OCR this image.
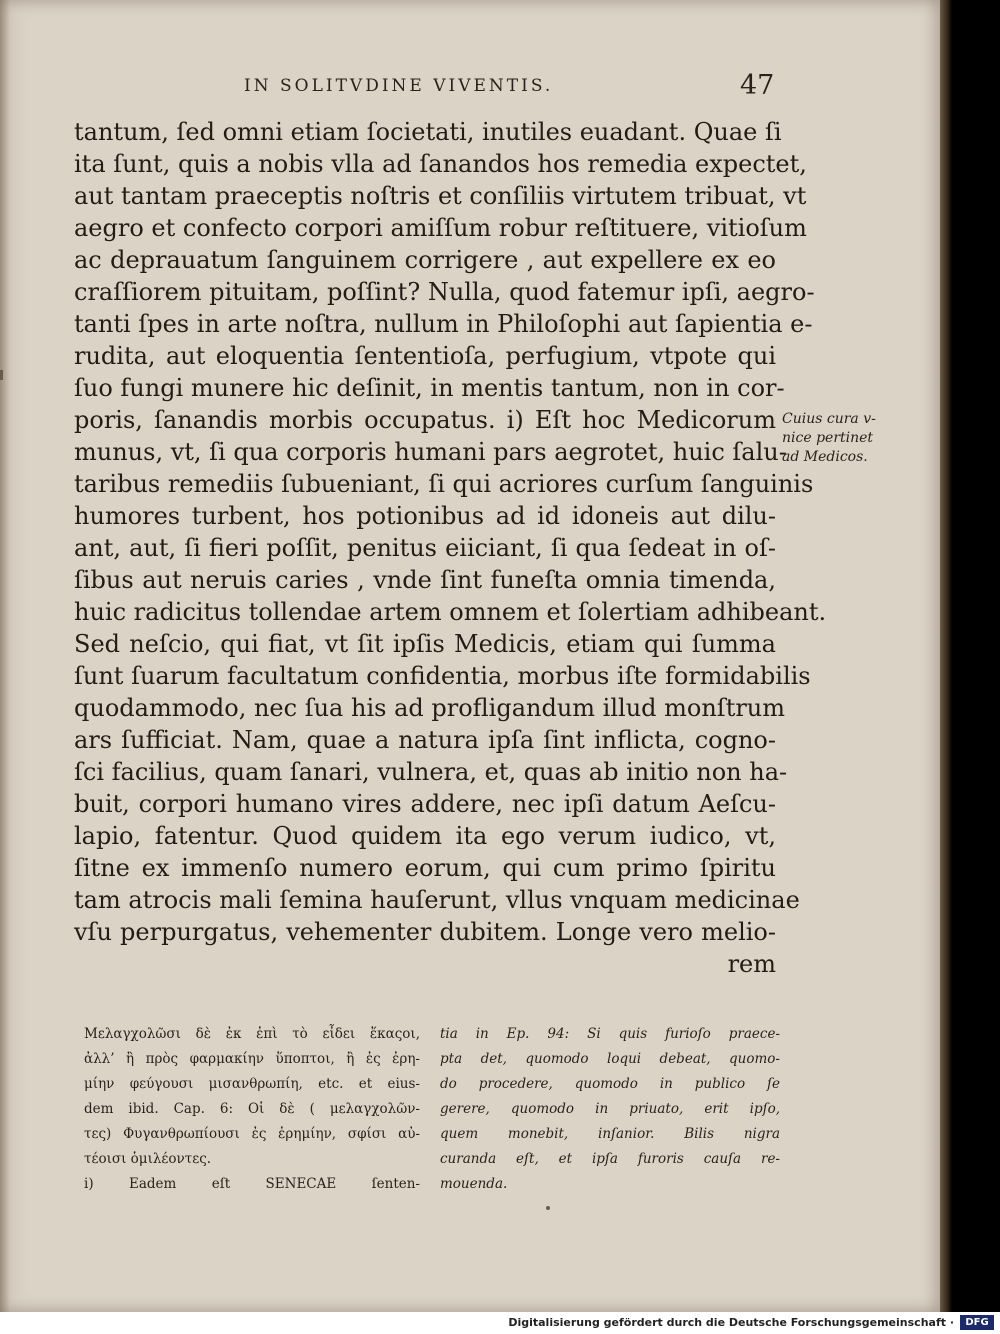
IN SOLITVDINE VIVENTIS.	47
tantum, ſed omni etiam ſocietati, inutiles euadant. Quae ſi
ita ſunt, quis a nobis vlla ad ſanandos hos remedia expectet,
aut tantam praeceptis noſtris et conſiliis virtutem tribuat, vt
aegro et confecto corpori amiſſum robur reſtituere, vitioſum
ac deprauatum ſanguinem corrigere , aut expellere ex eo
craſſiorem pituitam, poſſint? Nulla, quod fatemur ipſi, aegro-
tanti ſpes in arte noſtra, nullum in Philoſophi aut ſapientia e-
rudita, aut eloquentia ſententioſa, perfugium, vtpote qui
ſuo fungi munere hic deſinit, in mentis tantum, non in cor-
poris, ſanandis morbis occupatus. i) Eſt hoc Medicorum
munus, vt, ſi qua corporis humani pars aegrotet, huic ſalu-
taribus remediis ſubueniant, ſi qui acriores curſum ſanguinis
humores turbent, hos potionibus ad id idoneis aut dilu-
ant, aut, ſi fieri poſſit, penitus eiiciant, ſi qua ſedeat in oſ-
ſibus aut neruis caries , vnde ſint funeſta omnia timenda,
huic radicitus tollendae artem omnem et ſolertiam adhibeant.
Sed neſcio, qui fiat, vt ſit ipſis Medicis, etiam qui ſumma
ſunt ſuarum facultatum confidentia, morbus iſte formidabilis
quodammodo, nec ſua his ad profligandum illud monſtrum
ars ſufficiat. Nam, quae a natura ipſa ſint inflicta, cogno-
ſci facilius, quam ſanari, vulnera, et, quas ab initio non ha-
buit, corpori humano vires addere, nec ipſi datum Aeſcu-
lapio, fatentur. Quod quidem ita ego verum iudico, vt,
ſitne ex immenſo numero eorum, qui cum primo ſpiritu
tam atrocis mali ſemina hauſerunt, vllus vnquam medicinae
vſu perpurgatus, vehementer dubitem. Longe vero melio-
rem
Cuius cura v-
nice pertinet
ad Medicos.
Μελαγχολῶσι δὲ ἐκ ἐπὶ τὸ εἶδει ἕκαςοι,
ἀλλ’ ἢ πρὸς φαρμακίην ὕποπτοι, ἢ ἐς ἐρη-
μίην φεύγουσι μισανθρωπίη, etc. et eius-
dem ibid. Cap. 6: Οἱ δὲ ( μελαγχολῶν-
τες) Φυγανθρωπίουσι ἐς ἐρημίην, σφίσι αὐ-
τέοισι ὁμιλέοντες.
i) Eadem eſt SENECAE ſenten-
tia in Ep. 94: Si quis furioſo praece-
pta det, quomodo loqui debeat, quomo-
do procedere, quomodo in publico ſe
gerere, quomodo in priuato, erit ipſo,
quem monebit, inſanior. Bilis nigra
curanda eſt, et ipſa furoris cauſa re-
mouenda.
Digitalisierung gefördert durch die Deutsche Forschungsgemeinschaft ·	DFG
